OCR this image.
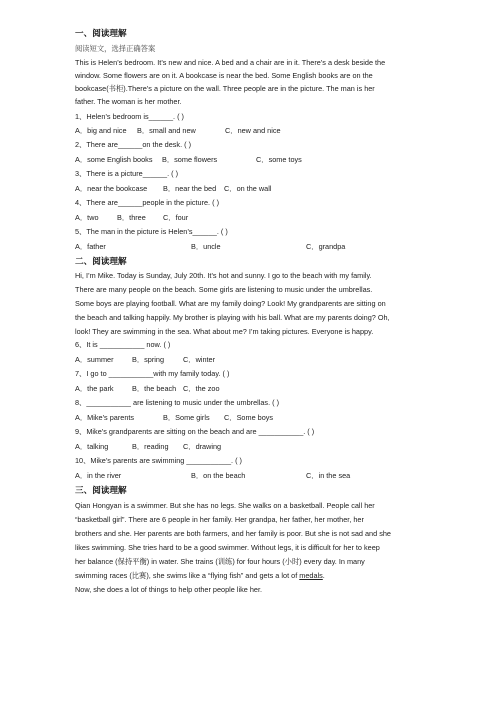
一、阅读理解
阅读短文，选择正确答案
This is Helen’s bedroom. It’s new and nice. A bed and a chair are in it. There’s a desk beside the
window. Some flowers are on it. A bookcase is near the bed. Some English books are on the
bookcase(书柜).There’s a picture on the wall. Three people are in the picture. The man is her
father. The woman is her mother.
1、Helen’s bedroom is______. ( )
A．big and nice B．small and new	C．new and nice
2、There are______on the desk. ( )
A．some English books B．some flowers	C．some toys
3、There is a picture______. ( )
A．near the bookcase B．near the bed C．on the wall
4、There are______people in the picture. ( )
A．two	B．three C．four
5、The man in the picture is Helen’s______. ( )
A．father	B．uncle	C．grandpa
二、阅读理解
Hi, I’m Mike. Today is Sunday, July 20th. It’s hot and sunny. I go to the beach with my family.
There are many people on the beach. Some girls are listening to music under the umbrellas.
Some boys are playing football. What are my family doing? Look! My grandparents are sitting on
the beach and talking happily. My brother is playing with his ball. What are my parents doing? Oh,
look! They are swimming in the sea. What about me? I’m taking pictures. Everyone is happy.
6、It is ___________ now. ( )
A．summer	B．spring	C．winter
7、I go to ___________with my family today. ( )
A．the park	B．the beach C．the zoo
8、___________ are listening to music under the umbrellas. ( )
A．Mike’s parents	B．Some girls C．Some boys
9、Mike’s grandparents are sitting on the beach and are ___________. ( )
A．talking	B．reading C．drawing
10、Mike’s parents are swimming ___________. ( )
A．in the river	B．on the beach	C．in the sea
三、阅读理解
Qian Hongyan is a swimmer. But she has no legs. She walks on a basketball. People call her
“basketball girl”. There are 6 people in her family. Her grandpa, her father, her mother, her
brothers and she. Her parents are both farmers, and her family is poor. But she is not sad and she
likes swimming. She tries hard to be a good swimmer. Without legs, it is difficult for her to keep
her balance (保持平衡) in water. She trains (训练) for four hours (小时) every day. In many
swimming races (比赛), she swims like a “flying fish” and gets a lot of medals.
Now, she does a lot of things to help other people like her.
